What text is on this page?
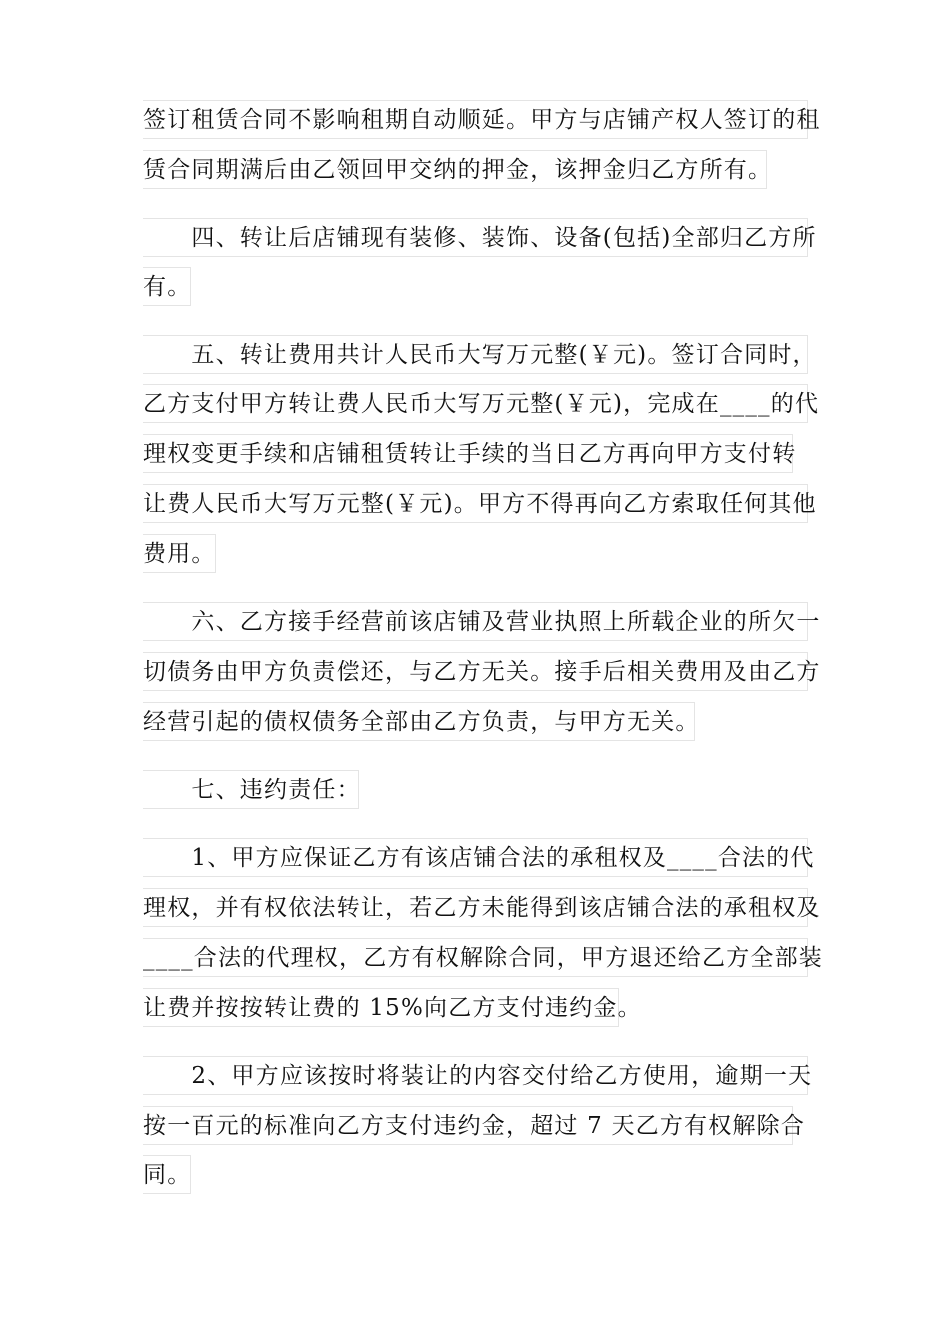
签订租赁合同不影响租期自动顺延。甲方与店铺产权人签订的租
赁合同期满后由乙领回甲交纳的押金，该押金归乙方所有。
　　四、转让后店铺现有装修、装饰、设备(包括)全部归乙方所
有。
　　五、转让费用共计人民币大写万元整(￥元)。签订合同时，
乙方支付甲方转让费人民币大写万元整(￥元)，完成在____的代
理权变更手续和店铺租赁转让手续的当日乙方再向甲方支付转
让费人民币大写万元整(￥元)。甲方不得再向乙方索取任何其他
费用。
　　六、乙方接手经营前该店铺及营业执照上所载企业的所欠一
切债务由甲方负责偿还，与乙方无关。接手后相关费用及由乙方
经营引起的债权债务全部由乙方负责，与甲方无关。
　　七、违约责任：
　　1、甲方应保证乙方有该店铺合法的承租权及____合法的代
理权，并有权依法转让，若乙方未能得到该店铺合法的承租权及
____合法的代理权，乙方有权解除合同，甲方退还给乙方全部装
让费并按按转让费的 15%向乙方支付违约金。
　　2、甲方应该按时将装让的内容交付给乙方使用，逾期一天
按一百元的标准向乙方支付违约金，超过 7 天乙方有权解除合
同。
